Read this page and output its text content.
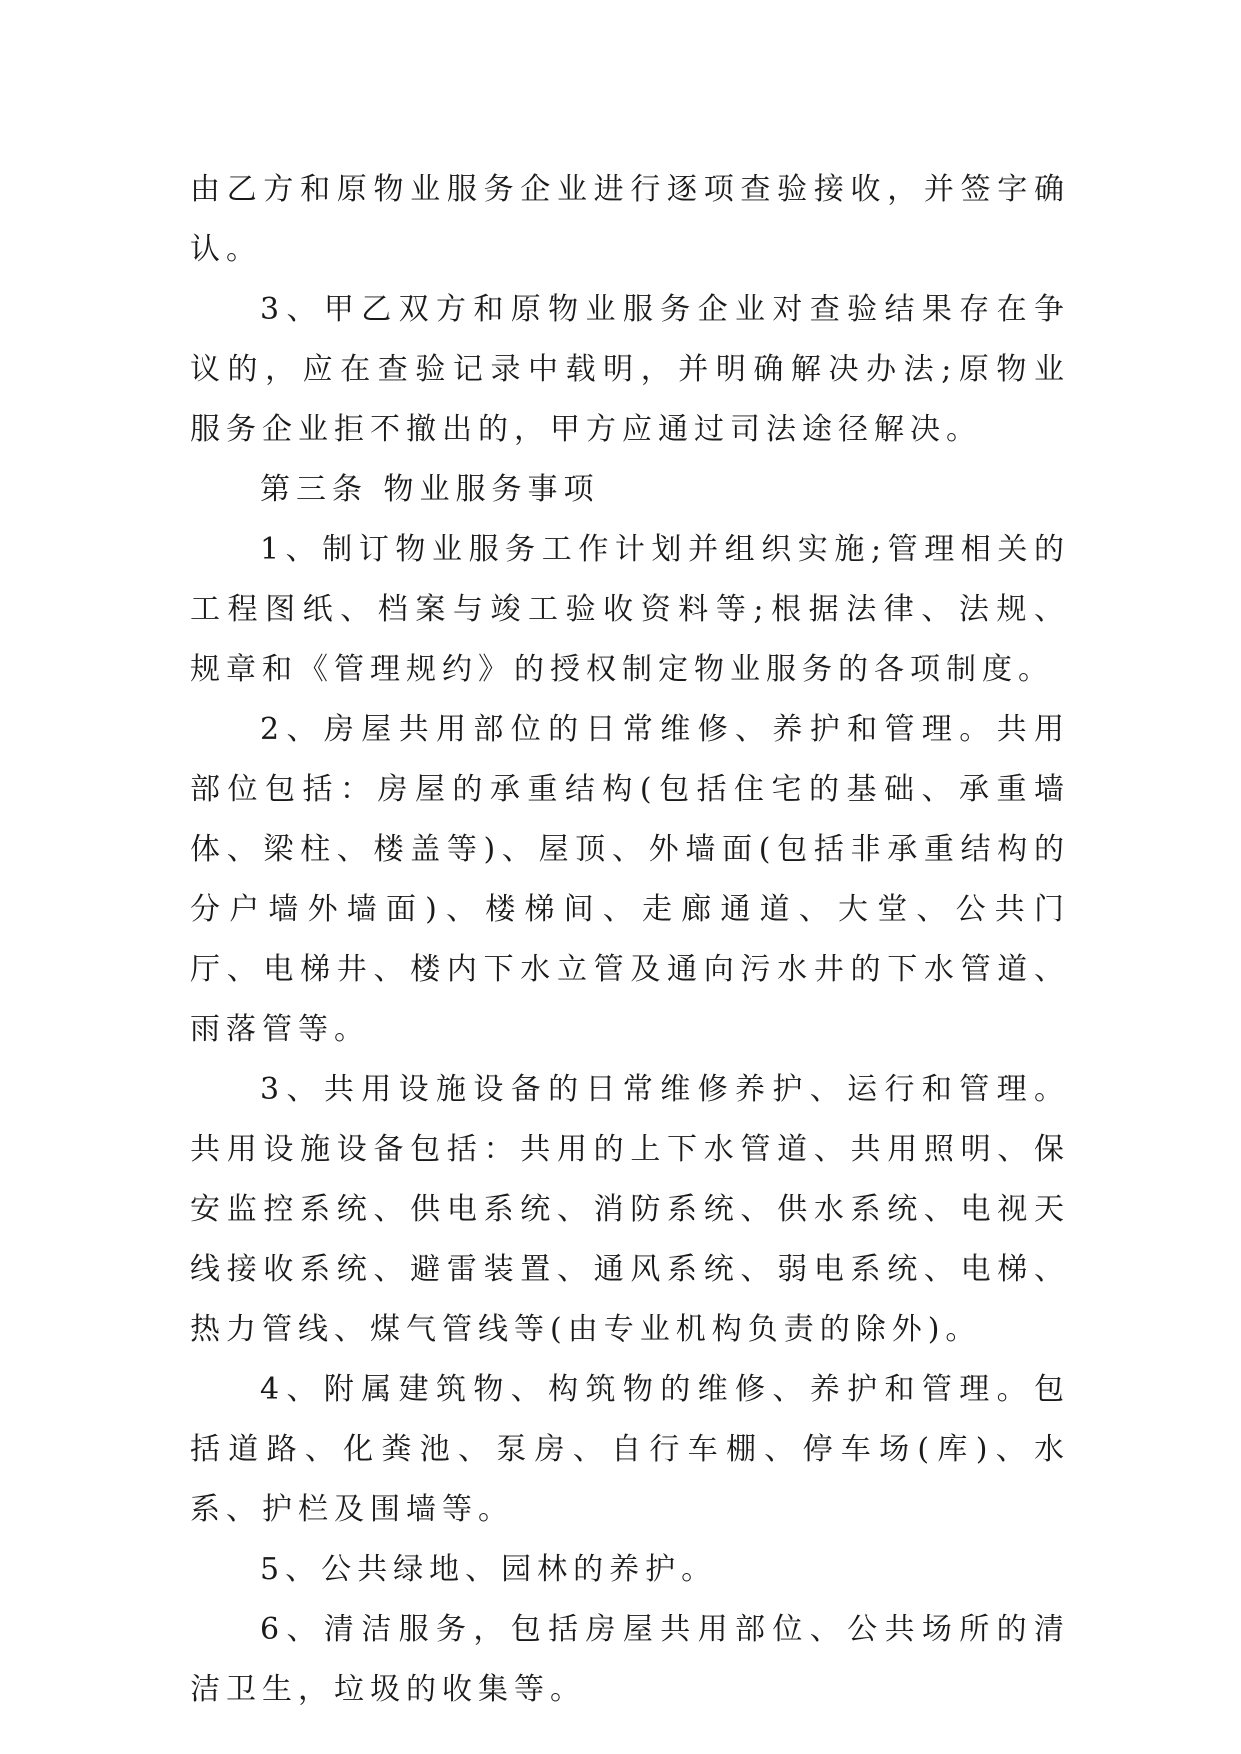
由乙方和原物业服务企业进行逐项查验接收，并签字确认。

3、甲乙双方和原物业服务企业对查验结果存在争议的，应在查验记录中载明，并明确解决办法;原物业服务企业拒不撤出的，甲方应通过司法途径解决。

第三条 物业服务事项

1、制订物业服务工作计划并组织实施;管理相关的工程图纸、档案与竣工验收资料等;根据法律、法规、规章和《管理规约》的授权制定物业服务的各项制度。

2、房屋共用部位的日常维修、养护和管理。共用部位包括：房屋的承重结构(包括住宅的基础、承重墙体、梁柱、楼盖等)、屋顶、外墙面(包括非承重结构的分户墙外墙面)、楼梯间、走廊通道、大堂、公共门厅、电梯井、楼内下水立管及通向污水井的下水管道、雨落管等。

3、共用设施设备的日常维修养护、运行和管理。共用设施设备包括：共用的上下水管道、共用照明、保安监控系统、供电系统、消防系统、供水系统、电视天线接收系统、避雷装置、通风系统、弱电系统、电梯、热力管线、煤气管线等(由专业机构负责的除外)。

4、附属建筑物、构筑物的维修、养护和管理。包括道路、化粪池、泵房、自行车棚、停车场(库)、水系、护栏及围墙等。

5、公共绿地、园林的养护。

6、清洁服务，包括房屋共用部位、公共场所的清洁卫生，垃圾的收集等。
